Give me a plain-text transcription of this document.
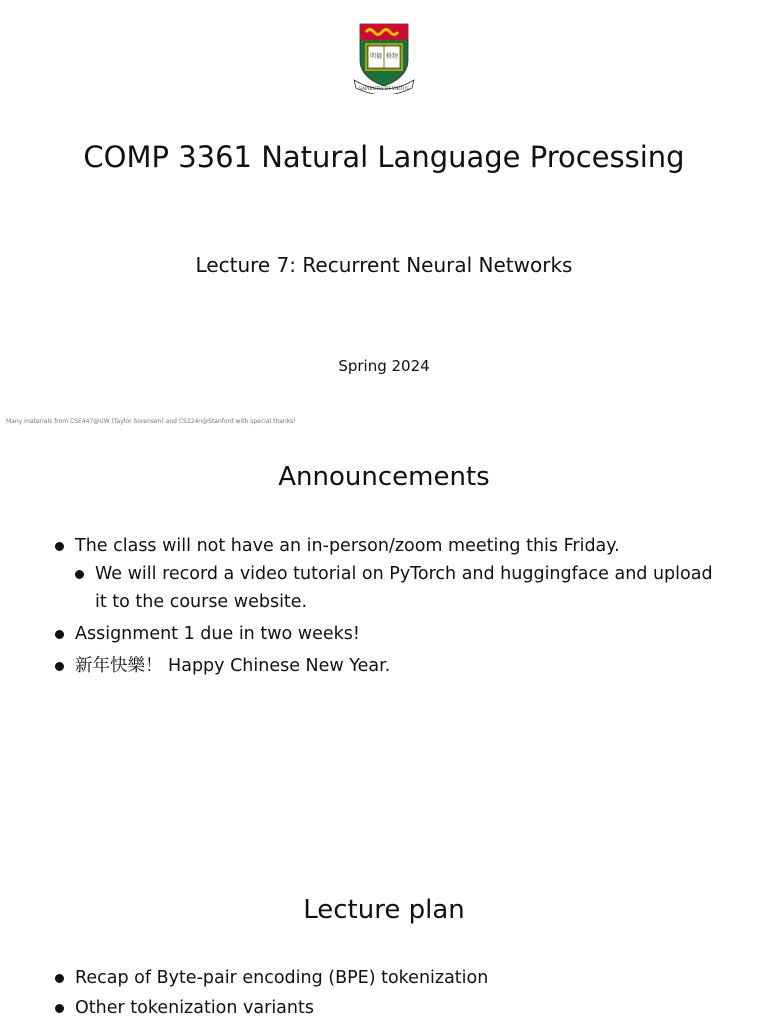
明德 格物
SAPIENTIA ET VIRTUS
COMP 3361 Natural Language Processing
Lecture 7: Recurrent Neural Networks
Spring 2024
Many materials from CSE447@UW (Taylor Sorensen) and CS224n@Stanford with special thanks!
Announcements
The class will not have an in-person/zoom meeting this Friday.
We will record a video tutorial on PyTorch and huggingface and upload it to the course website.
Assignment 1 due in two weeks!
新年快樂！ Happy Chinese New Year.
Lecture plan
Recap of Byte-pair encoding (BPE) tokenization
Other tokenization variants
